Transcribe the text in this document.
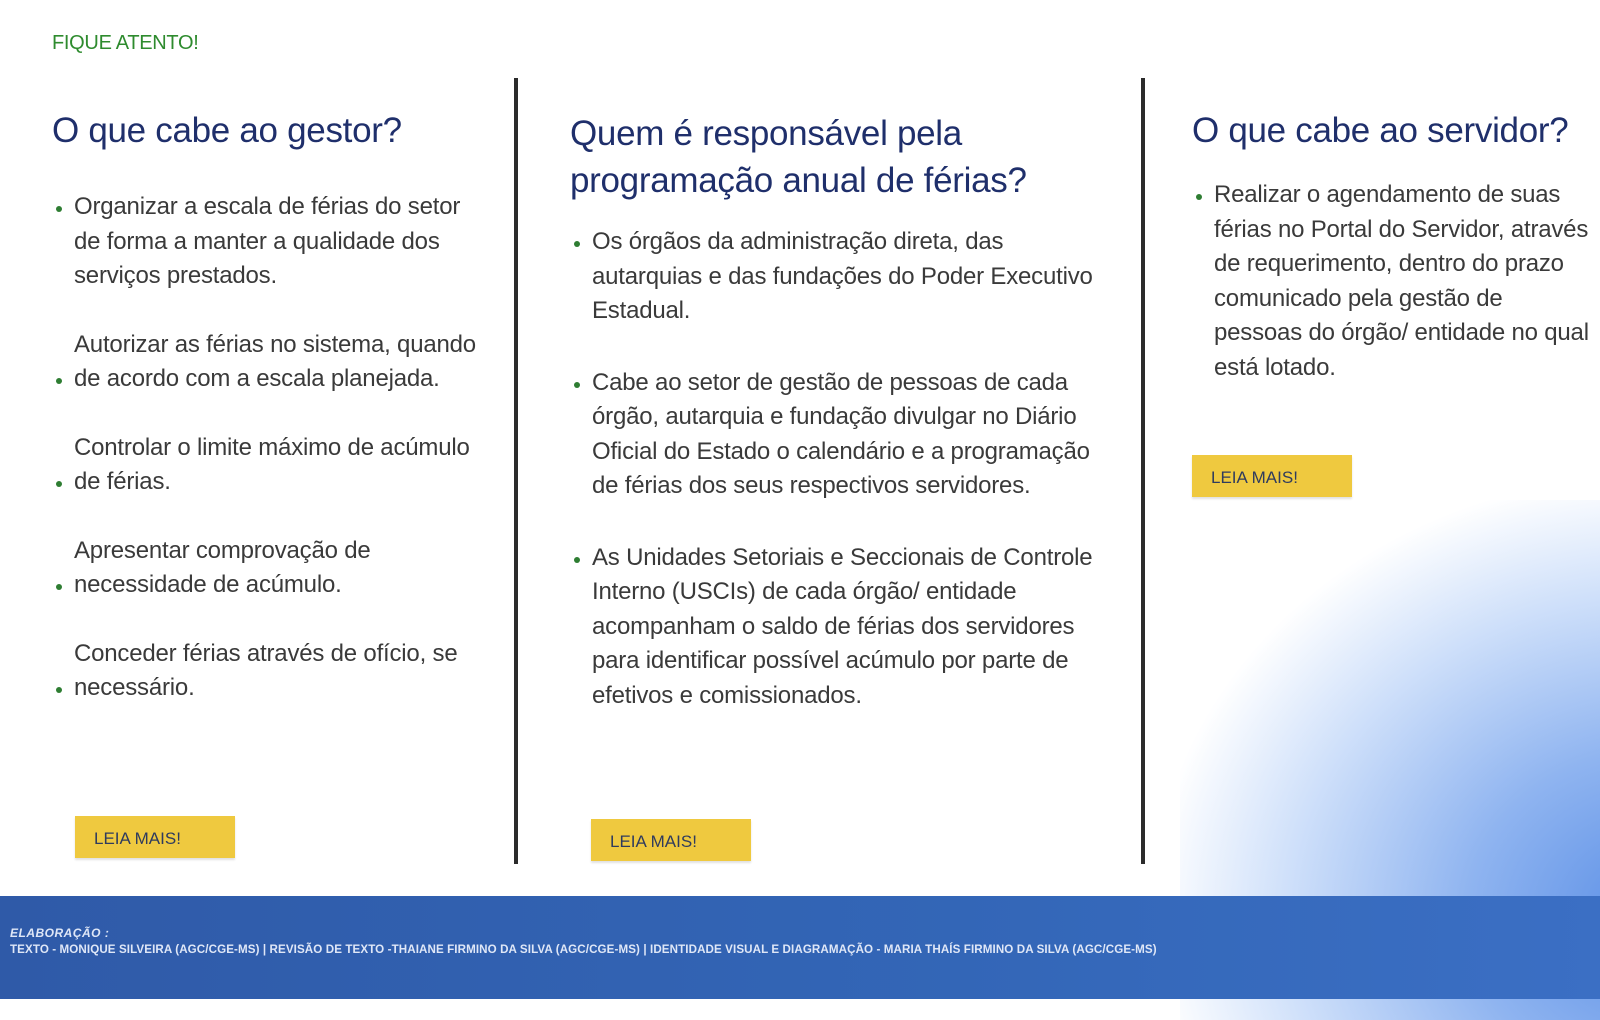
FIQUE ATENTO!
O que cabe ao gestor?
Organizar a escala de férias do setor de forma a manter a qualidade dos serviços prestados.
Autorizar as férias no sistema, quando de acordo com a escala planejada.
Controlar o limite máximo de acúmulo de férias.
Apresentar comprovação de necessidade de acúmulo.
Conceder férias através de ofício, se necessário.
LEIA MAIS!
Quem é responsável pela programação anual de férias?
Os órgãos da administração direta, das autarquias e das fundações do Poder Executivo Estadual.
Cabe ao setor de gestão de pessoas de cada órgão, autarquia e fundação divulgar no Diário Oficial do Estado o calendário e a programação de férias dos seus respectivos servidores.
As Unidades Setoriais e Seccionais de Controle Interno (USCIs) de cada órgão/ entidade acompanham o saldo de férias dos servidores para identificar possível acúmulo por parte de efetivos e comissionados.
LEIA MAIS!
O que cabe ao servidor?
Realizar o agendamento de suas férias no Portal do Servidor, através de requerimento, dentro do prazo comunicado pela gestão de pessoas do órgão/ entidade no qual está lotado.
LEIA MAIS!
ELABORAÇÃO :
TEXTO - MONIQUE SILVEIRA (AGC/CGE-MS) | REVISÃO DE TEXTO -THAIANE FIRMINO DA SILVA (AGC/CGE-MS) | IDENTIDADE VISUAL E DIAGRAMAÇÃO - MARIA THAÍS FIRMINO DA SILVA (AGC/CGE-MS)
